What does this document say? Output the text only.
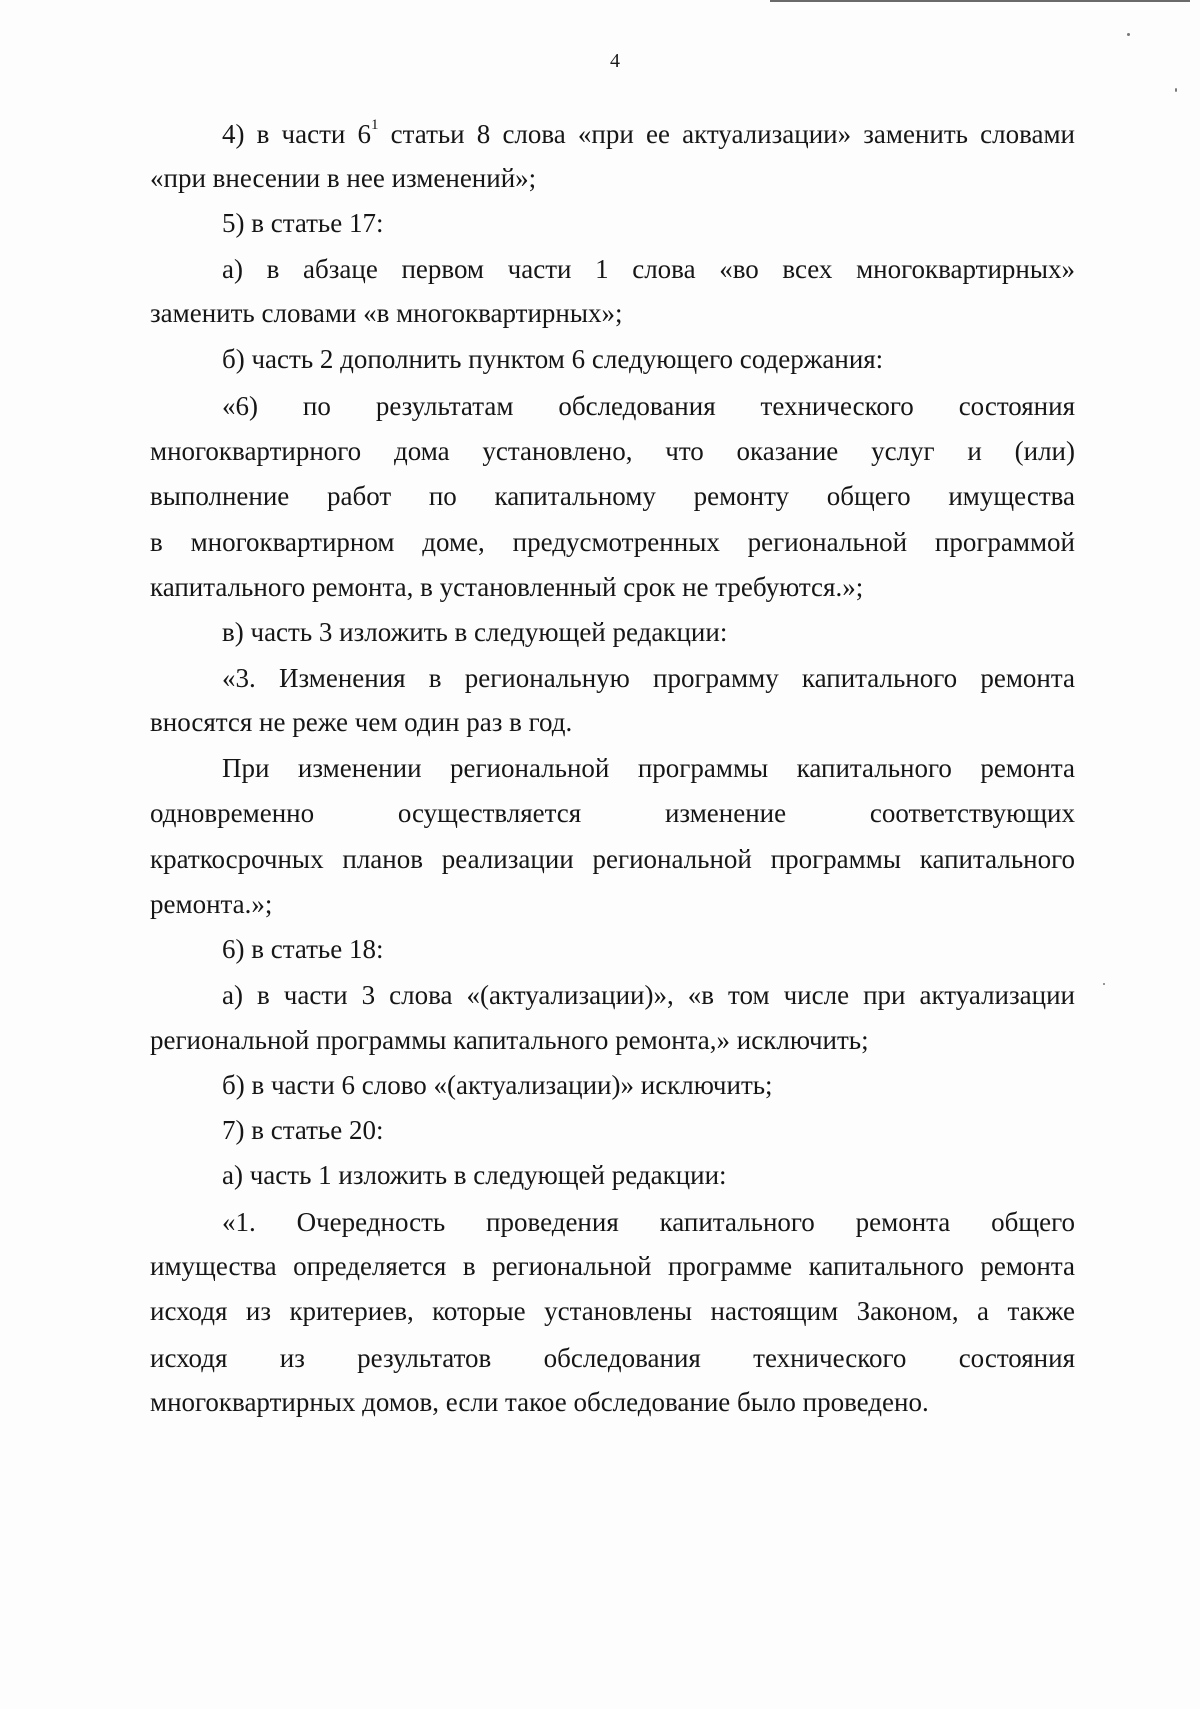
4
4) в части $6^1$ статьи 8 слова «при ее актуализации» заменить словами
«при внесении в нее изменений»;
5) в статье 17:
а) в абзаце первом части 1 слова «во всех многоквартирных»
заменить словами «в многоквартирных»;
б) часть 2 дополнить пунктом 6 следующего содержания:
«6) по результатам обследования технического состояния
многоквартирного дома установлено, что оказание услуг и (или)
выполнение работ по капитальному ремонту общего имущества
в многоквартирном доме, предусмотренных региональной программой
капитального ремонта, в установленный срок не требуются.»;
в) часть 3 изложить в следующей редакции:
«3. Изменения в региональную программу капитального ремонта
вносятся не реже чем один раз в год.
При изменении региональной программы капитального ремонта
одновременно осуществляется изменение соответствующих
краткосрочных планов реализации региональной программы капитального
ремонта.»;
6) в статье 18:
а) в части 3 слова «(актуализации)», «в том числе при актуализации
региональной программы капитального ремонта,» исключить;
б) в части 6 слово «(актуализации)» исключить;
7) в статье 20:
а) часть 1 изложить в следующей редакции:
«1. Очередность проведения капитального ремонта общего
имущества определяется в региональной программе капитального ремонта
исходя из критериев, которые установлены настоящим Законом, а также
исходя из результатов обследования технического состояния
многоквартирных домов, если такое обследование было проведено.
